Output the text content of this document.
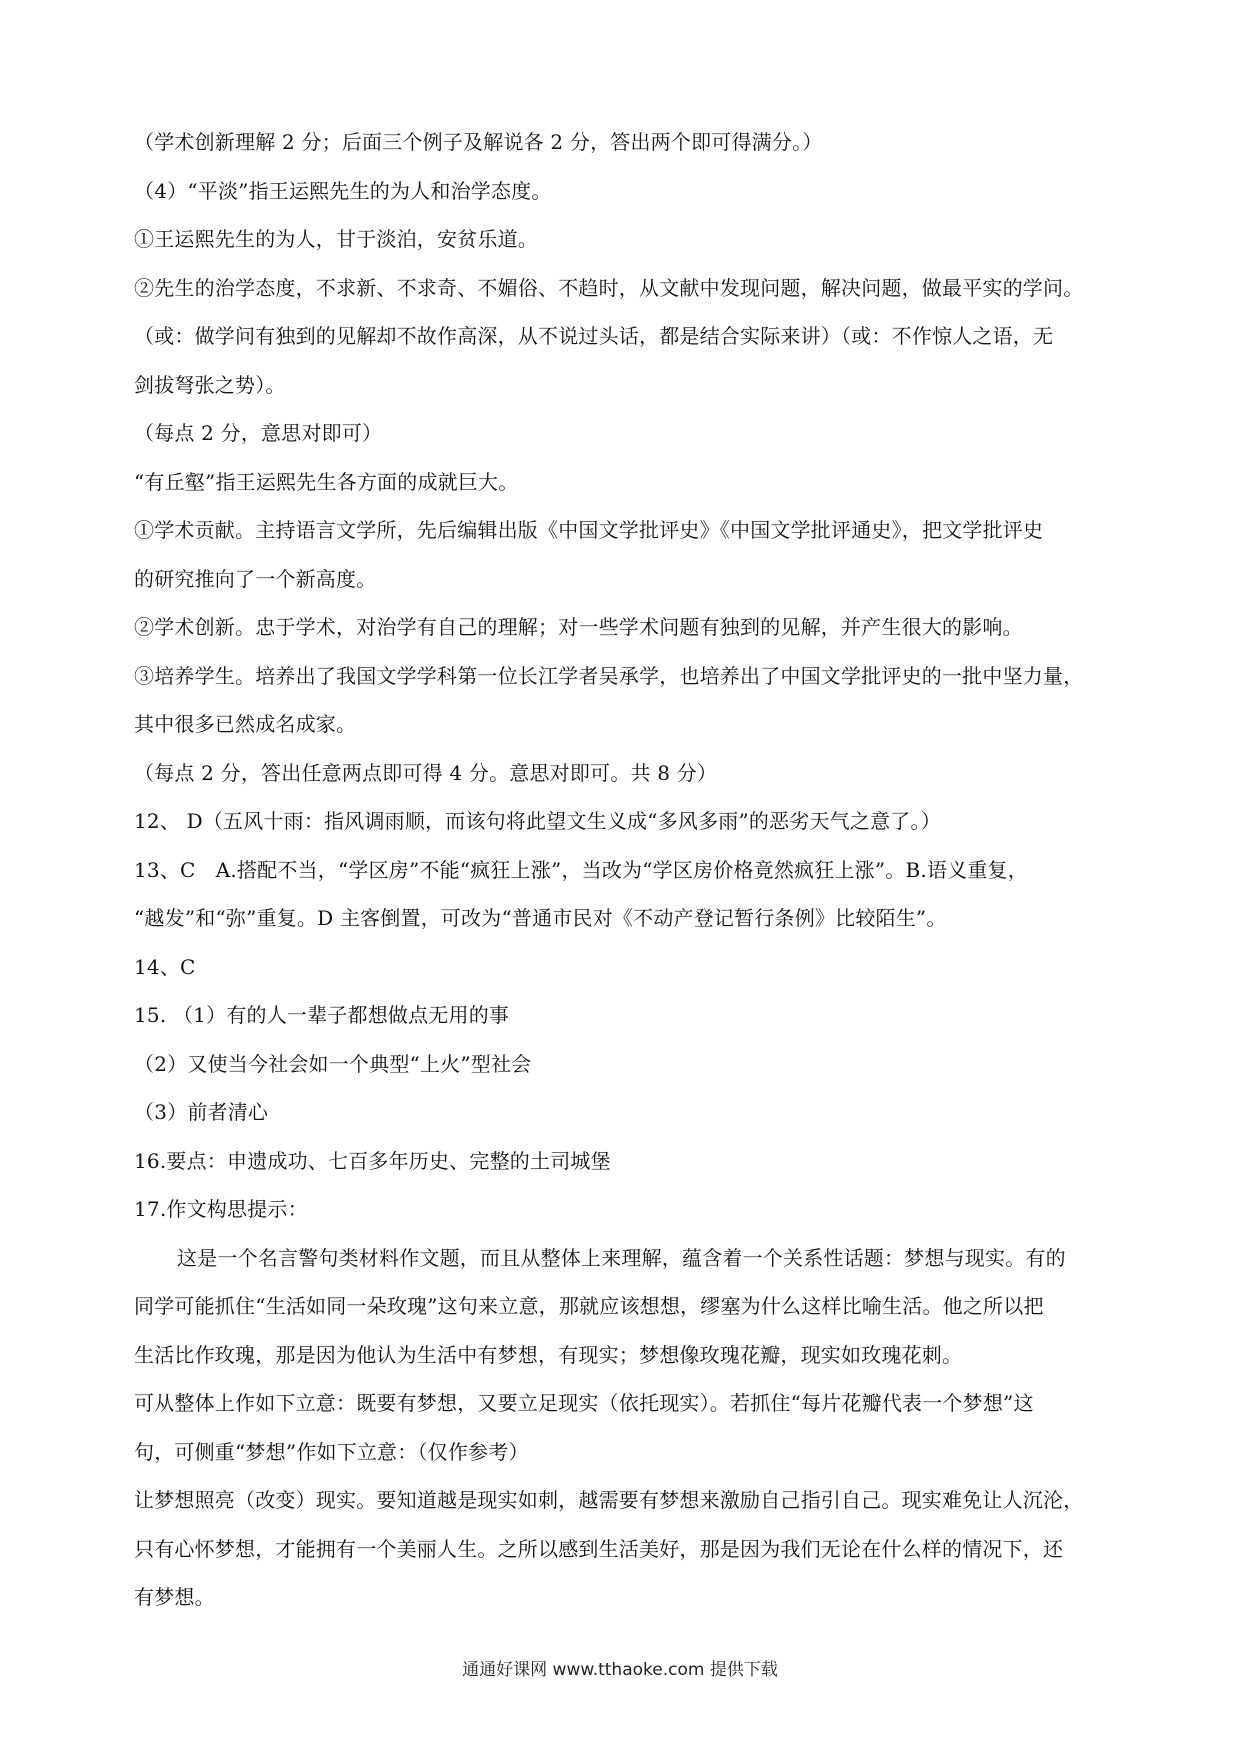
（学术创新理解 2 分；后面三个例子及解说各 2 分，答出两个即可得满分。）
（4）“平淡”指王运熙先生的为人和治学态度。
①王运熙先生的为人，甘于淡泊，安贫乐道。
②先生的治学态度，不求新、不求奇、不媚俗、不趋时，从文献中发现问题，解决问题，做最平实的学问。
（或：做学问有独到的见解却不故作高深，从不说过头话，都是结合实际来讲）（或：不作惊人之语，无
剑拔弩张之势）。
（每点 2 分，意思对即可）
“有丘壑”指王运熙先生各方面的成就巨大。
①学术贡献。主持语言文学所，先后编辑出版《中国文学批评史》《中国文学批评通史》，把文学批评史
的研究推向了一个新高度。
②学术创新。忠于学术，对治学有自己的理解；对一些学术问题有独到的见解，并产生很大的影响。
③培养学生。培养出了我国文学学科第一位长江学者吴承学，也培养出了中国文学批评史的一批中坚力量，
其中很多已然成名成家。
（每点 2 分，答出任意两点即可得 4 分。意思对即可。共 8 分）
12、 D（五风十雨：指风调雨顺，而该句将此望文生义成“多风多雨”的恶劣天气之意了。）
13、C　A.搭配不当，“学区房”不能“疯狂上涨”，当改为“学区房价格竟然疯狂上涨”。B.语义重复，
“越发”和“弥”重复。D 主客倒置，可改为“普通市民对《不动产登记暂行条例》比较陌生”。
14、C
15. （1）有的人一辈子都想做点无用的事
（2）又使当今社会如一个典型“上火”型社会
（3）前者清心
16.要点：申遗成功、七百多年历史、完整的土司城堡
17.作文构思提示：
这是一个名言警句类材料作文题，而且从整体上来理解，蕴含着一个关系性话题：梦想与现实。有的
同学可能抓住“生活如同一朵玫瑰”这句来立意，那就应该想想，缪塞为什么这样比喻生活。他之所以把
生活比作玫瑰，那是因为他认为生活中有梦想，有现实；梦想像玫瑰花瓣，现实如玫瑰花刺。
可从整体上作如下立意：既要有梦想，又要立足现实（依托现实）。若抓住“每片花瓣代表一个梦想”这
句，可侧重“梦想”作如下立意：（仅作参考）
让梦想照亮（改变）现实。要知道越是现实如刺，越需要有梦想来激励自己指引自己。现实难免让人沉沦，
只有心怀梦想，才能拥有一个美丽人生。之所以感到生活美好，那是因为我们无论在什么样的情况下，还
有梦想。
通通好课网 www.tthaoke.com 提供下载
